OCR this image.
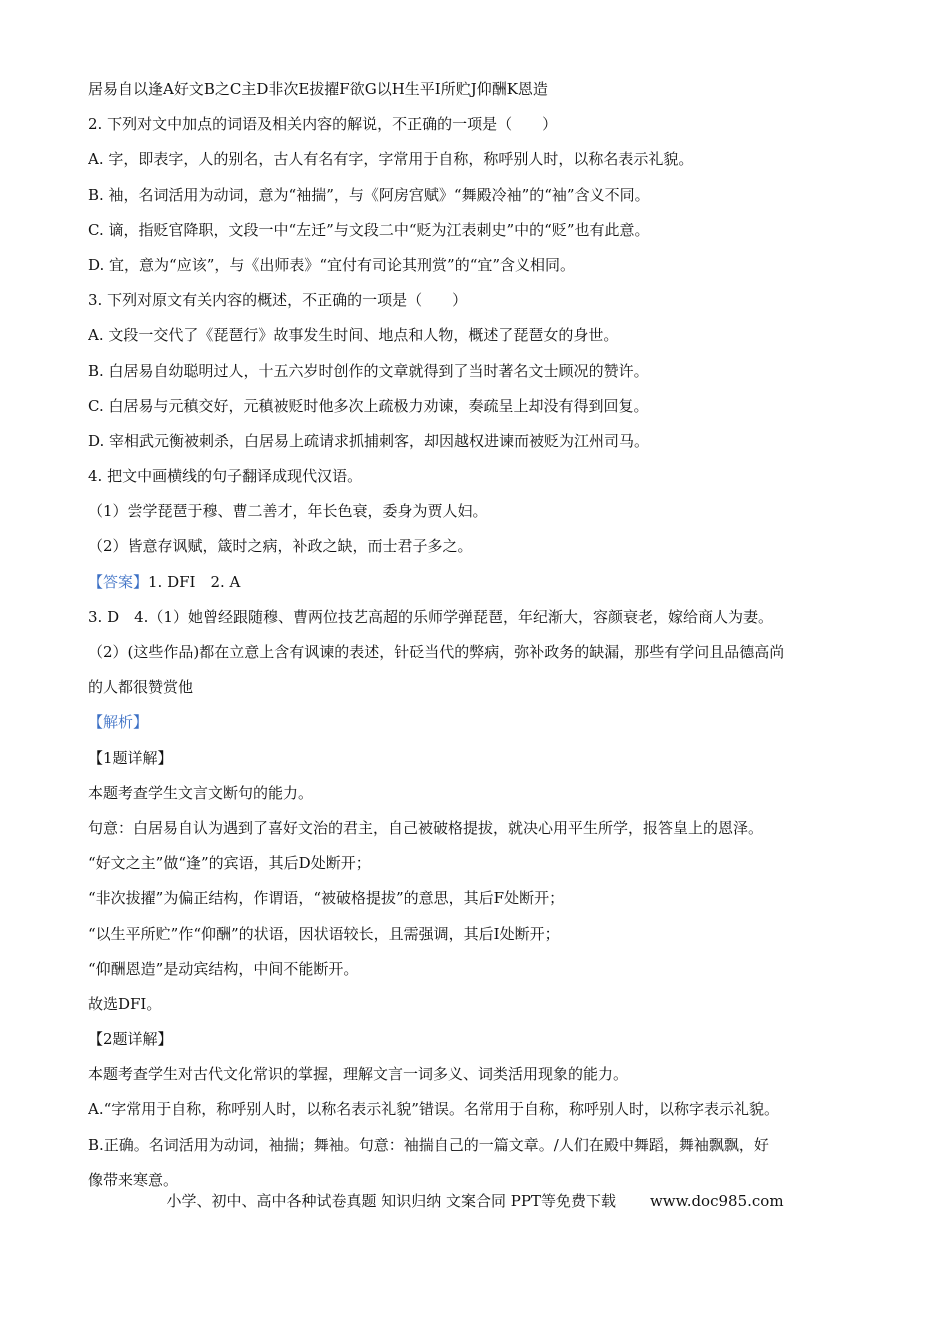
居易自以逢A好文B之C主D非次E拔擢F欲G以H生平I所贮J仰酬K恩造
2. 下列对文中加点的词语及相关内容的解说，不正确的一项是（　　）
A. 字，即表字，人的别名，古人有名有字，字常用于自称，称呼别人时，以称名表示礼貌。
B. 袖，名词活用为动词，意为“袖揣”，与《阿房宫赋》“舞殿冷袖”的“袖”含义不同。
C. 谪，指贬官降职，文段一中“左迁”与文段二中“贬为江表刺史”中的“贬”也有此意。
D. 宜，意为“应该”，与《出师表》“宜付有司论其刑赏”的“宜”含义相同。
3. 下列对原文有关内容的概述，不正确的一项是（　　）
A. 文段一交代了《琵琶行》故事发生时间、地点和人物，概述了琵琶女的身世。
B. 白居易自幼聪明过人，十五六岁时创作的文章就得到了当时著名文士顾况的赞许。
C. 白居易与元稹交好，元稹被贬时他多次上疏极力劝谏，奏疏呈上却没有得到回复。
D. 宰相武元衡被刺杀，白居易上疏请求抓捕刺客，却因越权进谏而被贬为江州司马。
4. 把文中画横线的句子翻译成现代汉语。
（1）尝学琵琶于穆、曹二善才，年长色衰，委身为贾人妇。
（2）皆意存讽赋，箴时之病，补政之缺，而士君子多之。
【答案】1. DFI　2. A
3. D　4.（1）她曾经跟随穆、曹两位技艺高超的乐师学弹琵琶，年纪渐大，容颜衰老，嫁给商人为妻。
（2）(这些作品)都在立意上含有讽谏的表述，针砭当代的弊病，弥补政务的缺漏，那些有学问且品德高尚
的人都很赞赏他
【解析】
【1题详解】
本题考查学生文言文断句的能力。
句意：白居易自认为遇到了喜好文治的君主，自己被破格提拔，就决心用平生所学，报答皇上的恩泽。
“好文之主”做“逢”的宾语，其后D处断开；
“非次拔擢”为偏正结构，作谓语，“被破格提拔”的意思，其后F处断开；
“以生平所贮”作“仰酬”的状语，因状语较长，且需强调，其后I处断开；
“仰酬恩造”是动宾结构，中间不能断开。
故选DFI。
【2题详解】
本题考查学生对古代文化常识的掌握，理解文言一词多义、词类活用现象的能力。
A.“字常用于自称，称呼别人时，以称名表示礼貌”错误。名常用于自称，称呼别人时，以称字表示礼貌。
B.正确。名词活用为动词，袖揣；舞袖。句意：袖揣自己的一篇文章。/人们在殿中舞蹈，舞袖飘飘，好
像带来寒意。
小学、初中、高中各种试卷真题 知识归纳 文案合同 PPT等免费下载 www.doc985.com
